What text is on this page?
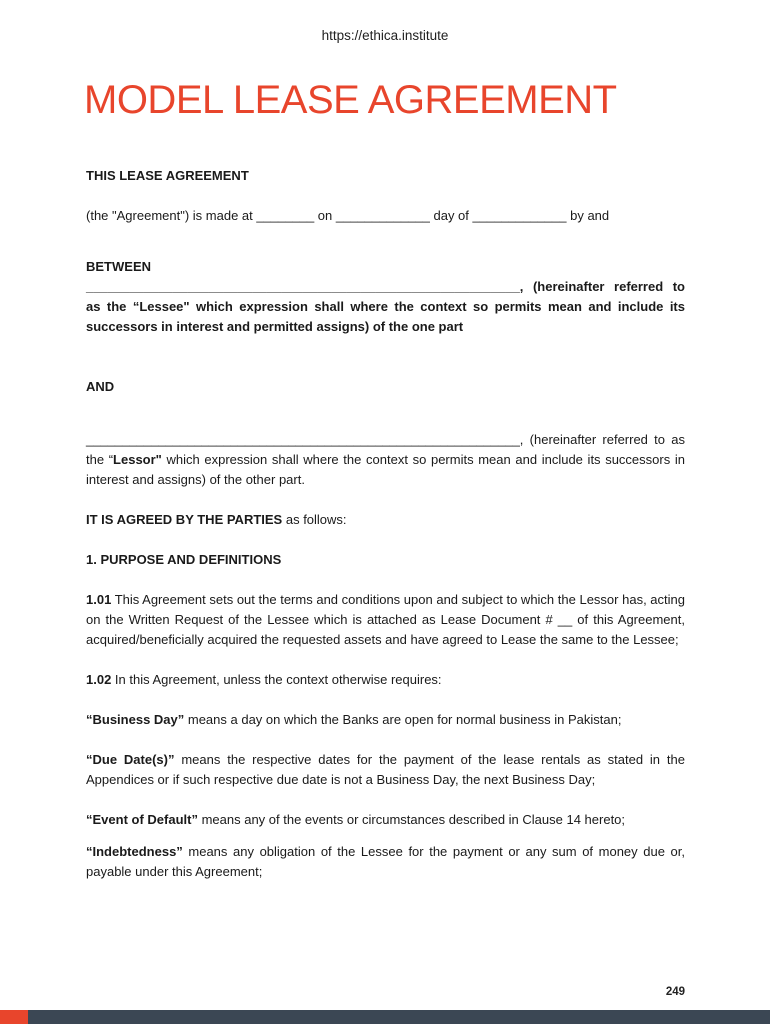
https://ethica.institute
MODEL LEASE AGREEMENT

THIS LEASE AGREEMENT

(the "Agreement") is made at ________ on _____________ day of _____________ by and

BETWEEN

____________________________________________________________, (hereinafter referred to as the “Lessee" which expression shall where the context so permits mean and include its successors in interest and permitted assigns) of the one part

AND

____________________________________________________________, (hereinafter referred to as the “Lessor" which expression shall where the context so permits mean and include its successors in interest and assigns) of the other part.

IT IS AGREED BY THE PARTIES as follows:

1. PURPOSE AND DEFINITIONS

1.01 This Agreement sets out the terms and conditions upon and subject to which the Lessor has, acting on the Written Request of the Lessee which is attached as Lease Document # __ of this Agreement, acquired/beneficially acquired the requested assets and have agreed to Lease the same to the Lessee;

1.02 In this Agreement, unless the context otherwise requires:

“Business Day” means a day on which the Banks are open for normal business in Pakistan;

“Due Date(s)” means the respective dates for the payment of the lease rentals as stated in the Appendices or if such respective due date is not a Business Day, the next Business Day;

“Event of Default” means any of the events or circumstances described in Clause 14 hereto;

“Indebtedness” means any obligation of the Lessee for the payment or any sum of money due or, payable under this Agreement;

249
